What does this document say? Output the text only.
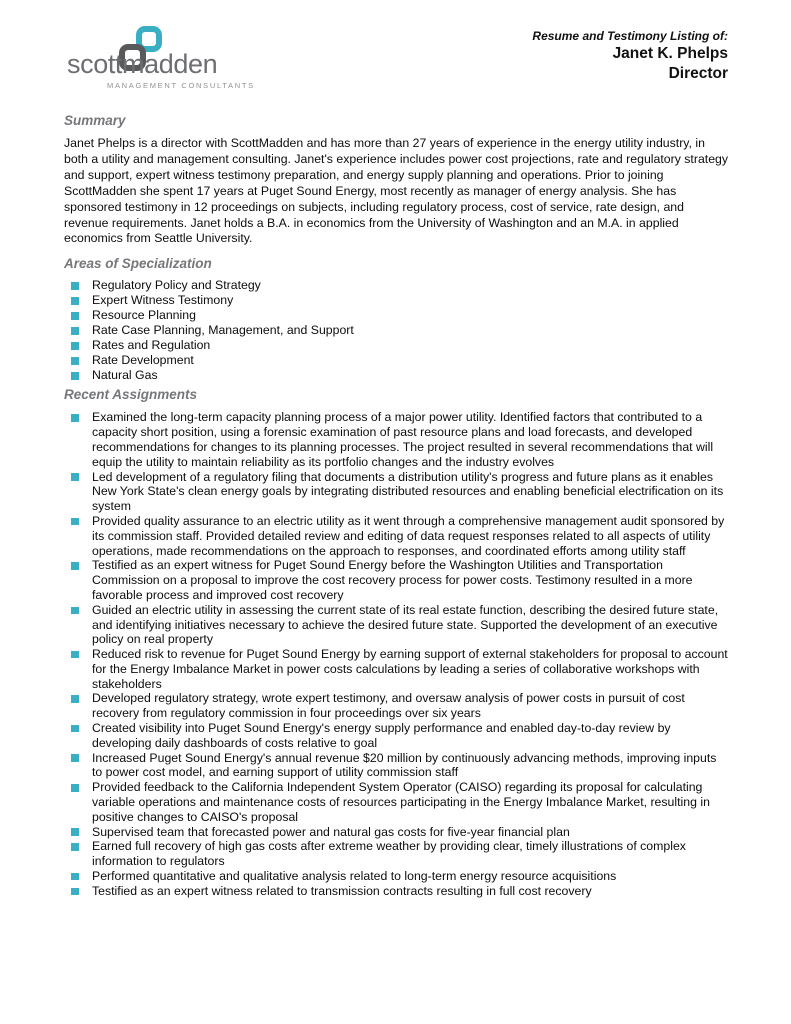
scottmadden
MANAGEMENT CONSULTANTS
Resume and Testimony Listing of:
Janet K. Phelps
Director
Summary

Janet Phelps is a director with ScottMadden and has more than 27 years of experience in the energy utility industry, in both a utility and management consulting. Janet's experience includes power cost projections, rate and regulatory strategy and support, expert witness testimony preparation, and energy supply planning and operations. Prior to joining ScottMadden she spent 17 years at Puget Sound Energy, most recently as manager of energy analysis. She has sponsored testimony in 12 proceedings on subjects, including regulatory process, cost of service, rate design, and revenue requirements. Janet holds a B.A. in economics from the University of Washington and an M.A. in applied economics from Seattle University.

Areas of Specialization
Regulatory Policy and Strategy
Expert Witness Testimony
Resource Planning
Rate Case Planning, Management, and Support
Rates and Regulation
Rate Development
Natural Gas
Recent Assignments
Examined the long-term capacity planning process of a major power utility. Identified factors that contributed to a capacity short position, using a forensic examination of past resource plans and load forecasts, and developed recommendations for changes to its planning processes. The project resulted in several recommendations that will equip the utility to maintain reliability as its portfolio changes and the industry evolves
Led development of a regulatory filing that documents a distribution utility's progress and future plans as it enables New York State's clean energy goals by integrating distributed resources and enabling beneficial electrification on its system
Provided quality assurance to an electric utility as it went through a comprehensive management audit sponsored by its commission staff. Provided detailed review and editing of data request responses related to all aspects of utility operations, made recommendations on the approach to responses, and coordinated efforts among utility staff
Testified as an expert witness for Puget Sound Energy before the Washington Utilities and Transportation Commission on a proposal to improve the cost recovery process for power costs. Testimony resulted in a more favorable process and improved cost recovery
Guided an electric utility in assessing the current state of its real estate function, describing the desired future state, and identifying initiatives necessary to achieve the desired future state. Supported the development of an executive policy on real property
Reduced risk to revenue for Puget Sound Energy by earning support of external stakeholders for proposal to account for the Energy Imbalance Market in power costs calculations by leading a series of collaborative workshops with stakeholders
Developed regulatory strategy, wrote expert testimony, and oversaw analysis of power costs in pursuit of cost recovery from regulatory commission in four proceedings over six years
Created visibility into Puget Sound Energy's energy supply performance and enabled day-to-day review by developing daily dashboards of costs relative to goal
Increased Puget Sound Energy's annual revenue $20 million by continuously advancing methods, improving inputs to power cost model, and earning support of utility commission staff
Provided feedback to the California Independent System Operator (CAISO) regarding its proposal for calculating variable operations and maintenance costs of resources participating in the Energy Imbalance Market, resulting in positive changes to CAISO's proposal
Supervised team that forecasted power and natural gas costs for five-year financial plan
Earned full recovery of high gas costs after extreme weather by providing clear, timely illustrations of complex information to regulators
Performed quantitative and qualitative analysis related to long-term energy resource acquisitions
Testified as an expert witness related to transmission contracts resulting in full cost recovery
